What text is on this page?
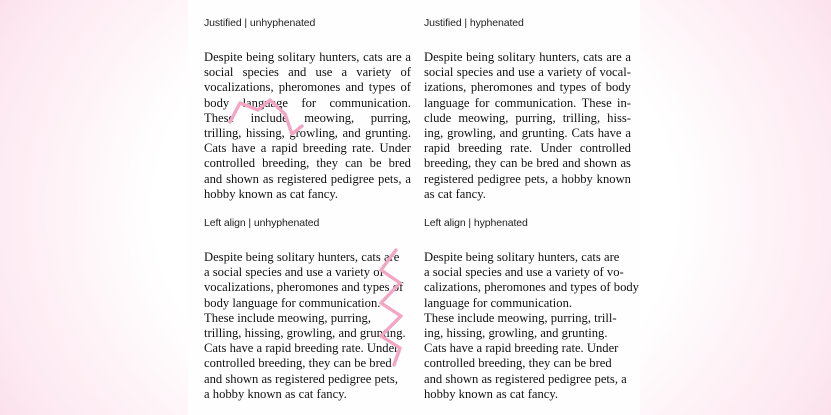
Justified | unhyphenated
Despite being solitary hunters, cats are a
social species and use a variety of
vocalizations, pheromones and types of
body language for communication.
These include meowing, purring,
trilling, hissing, growling, and grunting.
Cats have a rapid breeding rate. Under
controlled breeding, they can be bred
and shown as registered pedigree pets, a
hobby known as cat fancy.
Justified | hyphenated
Despite being solitary hunters, cats are a
social species and use a variety of vocal-
izations, pheromones and types of body
language for communication. These in-
clude meowing, purring, trilling, hiss-
ing, growling, and grunting. Cats have a
rapid breeding rate. Under controlled
breeding, they can be bred and shown as
registered pedigree pets, a hobby known
as cat fancy.
Left align | unhyphenated
Despite being solitary hunters, cats are
a social species and use a variety of
vocalizations, pheromones and types of
body language for communication.
These include meowing, purring,
trilling, hissing, growling, and grunting.
Cats have a rapid breeding rate. Under
controlled breeding, they can be bred
and shown as registered pedigree pets,
a hobby known as cat fancy.
Left align | hyphenated
Despite being solitary hunters, cats are
a social species and use a variety of vo-
calizations, pheromones and types of body
language for communication.
These include meowing, purring, trill-
ing, hissing, growling, and grunting.
Cats have a rapid breeding rate. Under
controlled breeding, they can be bred
and shown as registered pedigree pets, a
hobby known as cat fancy.
